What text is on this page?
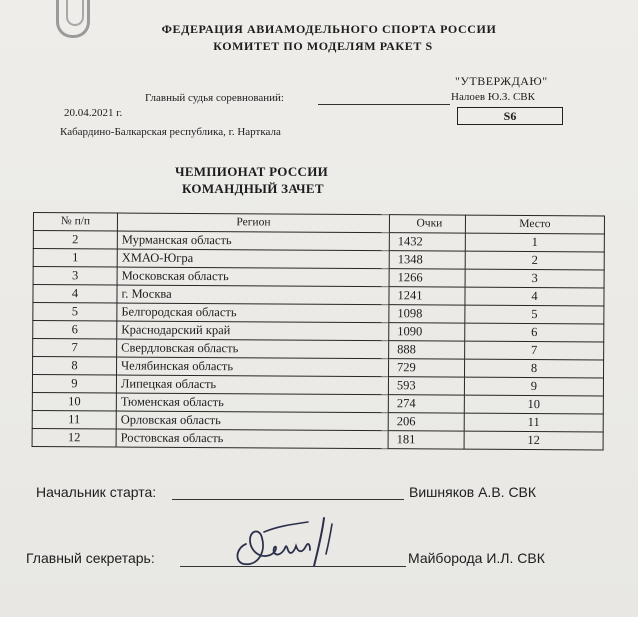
ФЕДЕРАЦИЯ АВИАМОДЕЛЬНОГО СПОРТА РОССИИ
КОМИТЕТ ПО МОДЕЛЯМ РАКЕТ S
"УТВЕРЖДАЮ"
Главный судья соревнований:	Налоев Ю.З. СВК
20.04.2021 г.	S6
Кабардино-Балкарская республика, г. Нарткала
ЧЕМПИОНАТ РОССИИ
КОМАНДНЫЙ ЗАЧЕТ
№ п/п	Регион	Очки	Место
2	Мурманская область	1432	1
1	ХМАО-Югра	1348	2
3	Московская область	1266	3
4	г. Москва	1241	4
5	Белгородская область	1098	5
6	Краснодарский край	1090	6
7	Свердловская область	888	7
8	Челябинская область	729	8
9	Липецкая область	593	9
10	Тюменская область	274	10
11	Орловская область	206	11
12	Ростовская область	181	12
Начальник старта:	Вишняков А.В. СВК
Главный секретарь:	Майборода И.Л. СВК
